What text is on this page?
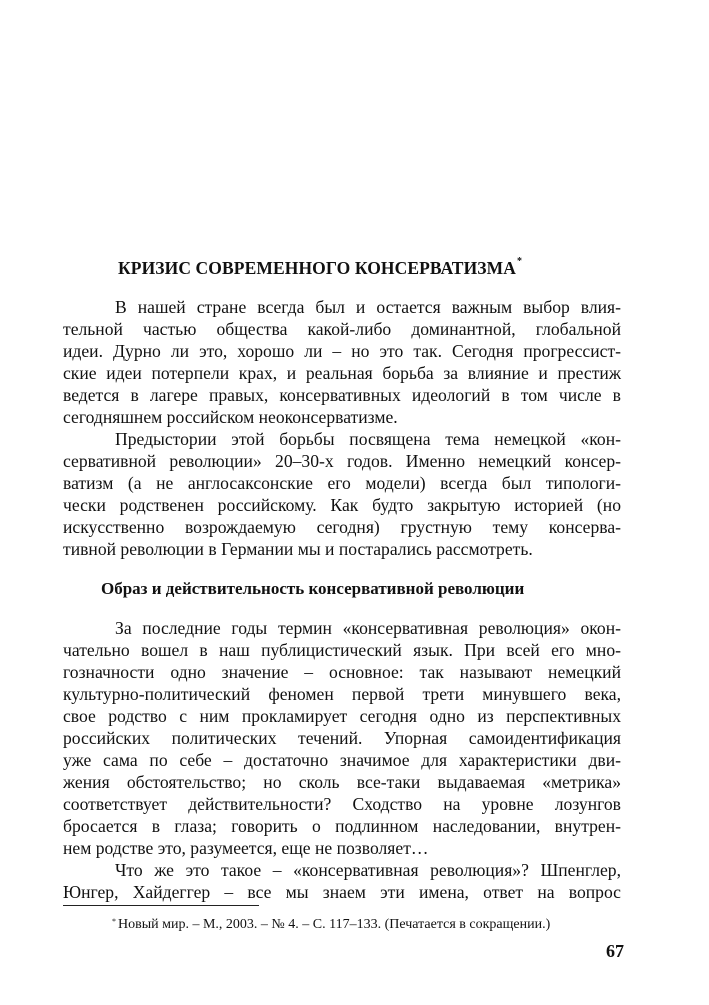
КРИЗИС СОВРЕМЕННОГО КОНСЕРВАТИЗМА*
В нашей стране всегда был и остается важным выбор влия-
тельной частью общества какой-либо доминантной, глобальной
идеи. Дурно ли это, хорошо ли – но это так. Сегодня прогрессист-
ские идеи потерпели крах, и реальная борьба за влияние и престиж
ведется в лагере правых, консервативных идеологий в том числе в
сегодняшнем российском неоконсерватизме.
Предыстории этой борьбы посвящена тема немецкой «кон-
сервативной революции» 20–30-х годов. Именно немецкий консер-
ватизм (а не англосаксонские его модели) всегда был типологи-
чески родственен российскому. Как будто закрытую историей (но
искусственно возрождаемую сегодня) грустную тему консерва-
тивной революции в Германии мы и постарались рассмотреть.
Образ и действительность консервативной революции
За последние годы термин «консервативная революция» окон-
чательно вошел в наш публицистический язык. При всей его мно-
гозначности одно значение – основное: так называют немецкий
культурно-политический феномен первой трети минувшего века,
свое родство с ним прокламирует сегодня одно из перспективных
российских политических течений. Упорная самоидентификация
уже сама по себе – достаточно значимое для характеристики дви-
жения обстоятельство; но сколь все-таки выдаваемая «метрика»
соответствует действительности? Сходство на уровне лозунгов
бросается в глаза; говорить о подлинном наследовании, внутрен-
нем родстве это, разумеется, еще не позволяет…
Что же это такое – «консервативная революция»? Шпенглер,
Юнгер, Хайдеггер – все мы знаем эти имена, ответ на вопрос
* Новый мир. – М., 2003. – № 4. – С. 117–133. (Печатается в сокращении.)
67
